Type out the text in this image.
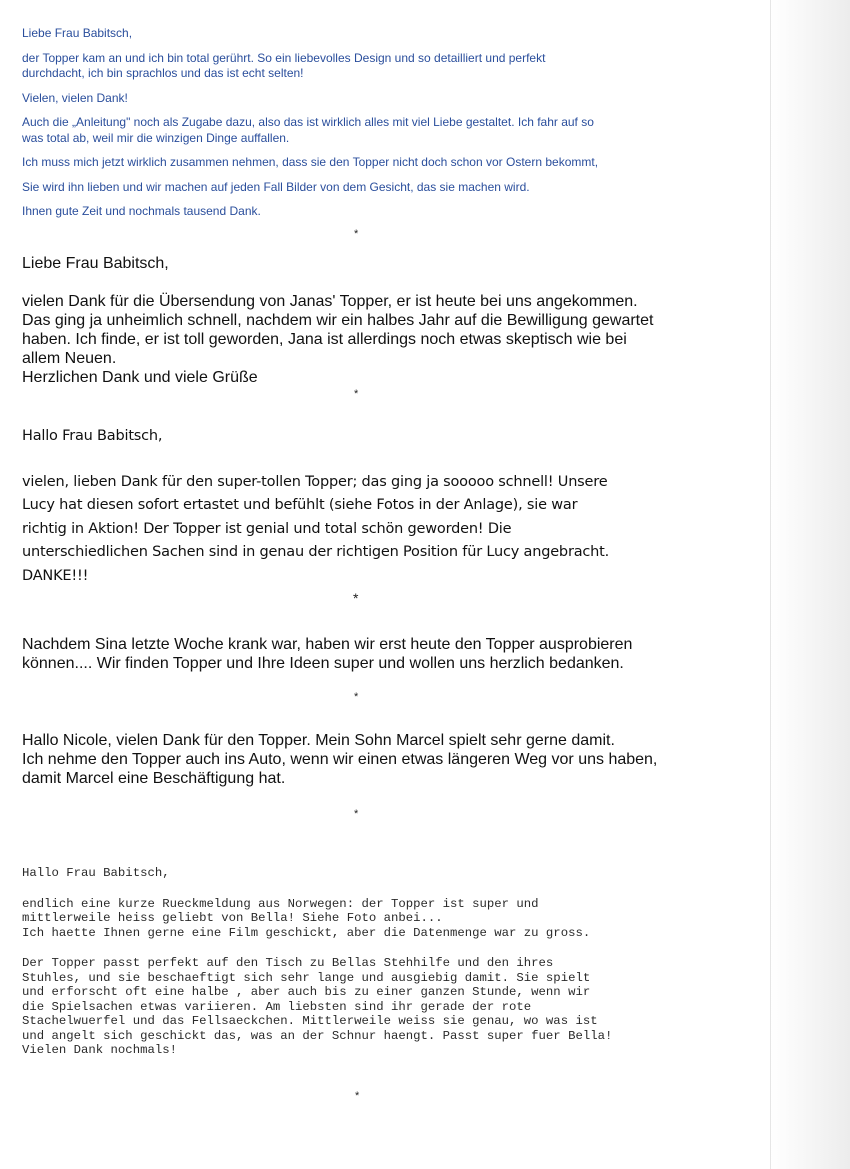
Liebe Frau Babitsch,

der Topper kam an und ich bin total gerührt. So ein liebevolles Design und so detailliert und perfekt

durchdacht, ich bin sprachlos und das ist echt selten!

Vielen, vielen Dank!

Auch die „Anleitung" noch als Zugabe dazu, also das ist wirklich alles mit viel Liebe gestaltet. Ich fahr auf so

was total ab, weil mir die winzigen Dinge auffallen.

Ich muss mich jetzt wirklich zusammen nehmen, dass sie den Topper nicht doch schon vor Ostern bekommt,

Sie wird ihn lieben und wir machen auf jeden Fall Bilder von dem Gesicht, das sie machen wird.

Ihnen gute Zeit und nochmals tausend Dank.

*

Liebe Frau Babitsch,

vielen Dank für die Übersendung von Janas' Topper, er ist heute bei uns angekommen.

Das ging ja unheimlich schnell, nachdem wir ein halbes Jahr auf die Bewilligung gewartet

haben. Ich finde, er ist toll geworden, Jana ist allerdings noch etwas skeptisch wie bei

allem Neuen.

Herzlichen Dank und viele Grüße

*

Hallo Frau Babitsch,

vielen, lieben Dank für den super-tollen Topper; das ging ja sooooo schnell! Unsere

Lucy hat diesen sofort ertastet und befühlt (siehe Fotos in der Anlage), sie war

richtig in Aktion! Der Topper ist genial und total schön geworden! Die

unterschiedlichen Sachen sind in genau der richtigen Position für Lucy angebracht.

DANKE!!!

*

Nachdem Sina letzte Woche krank war, haben wir erst heute den Topper ausprobieren

können.... Wir finden Topper und Ihre Ideen super und wollen uns herzlich bedanken.

*

Hallo Nicole, vielen Dank für den Topper. Mein Sohn Marcel spielt sehr gerne damit.

Ich nehme den Topper auch ins Auto, wenn wir einen etwas längeren Weg vor uns haben,

damit Marcel eine Beschäftigung hat.

*

Hallo Frau Babitsch,

endlich eine kurze Rueckmeldung aus Norwegen: der Topper ist super und

mittlerweile heiss geliebt von Bella! Siehe Foto anbei...

Ich haette Ihnen gerne eine Film geschickt, aber die Datenmenge war zu gross.

Der Topper passt perfekt auf den Tisch zu Bellas Stehhilfe und den ihres

Stuhles, und sie beschaeftigt sich sehr lange und ausgiebig damit. Sie spielt

und erforscht oft eine halbe , aber auch bis zu einer ganzen Stunde, wenn wir

die Spielsachen etwas variieren. Am liebsten sind ihr gerade der rote

Stachelwuerfel und das Fellsaeckchen. Mittlerweile weiss sie genau, wo was ist

und angelt sich geschickt das, was an der Schnur haengt. Passt super fuer Bella!

Vielen Dank nochmals!

*
